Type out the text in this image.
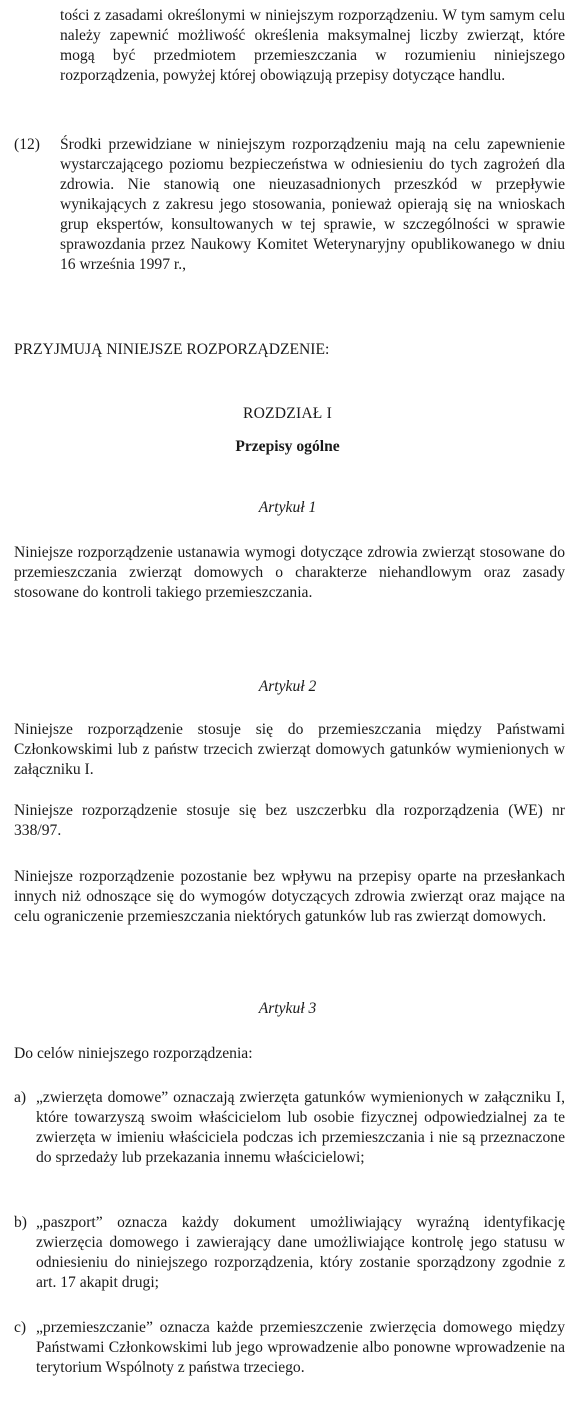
tości z zasadami określonymi w niniejszym rozporządzeniu. W tym samym celu należy zapewnić możliwość określenia maksymalnej liczby zwierząt, które mogą być przedmiotem przemieszczania w rozumieniu niniejszego rozporządzenia, powyżej której obowiązują przepisy dotyczące handlu.
(12) Środki przewidziane w niniejszym rozporządzeniu mają na celu zapewnienie wystarczającego poziomu bezpieczeństwa w odniesieniu do tych zagrożeń dla zdrowia. Nie stanowią one nieuzasadnionych przeszkód w przepływie wynikających z zakresu jego stosowania, ponieważ opierają się na wnioskach grup ekspertów, konsultowanych w tej sprawie, w szczególności w sprawie sprawozdania przez Naukowy Komitet Weterynaryjny opublikowanego w dniu 16 września 1997 r.,
PRZYJMUJĄ NINIEJSZE ROZPORZĄDZENIE:
ROZDZIAŁ I
Przepisy ogólne
Artykuł 1
Niniejsze rozporządzenie ustanawia wymogi dotyczące zdrowia zwierząt stosowane do przemieszczania zwierząt domowych o charakterze niehandlowym oraz zasady stosowane do kontroli takiego przemieszczania.
Artykuł 2
Niniejsze rozporządzenie stosuje się do przemieszczania między Państwami Członkowskimi lub z państw trzecich zwierząt domowych gatunków wymienionych w załączniku I.
Niniejsze rozporządzenie stosuje się bez uszczerbku dla rozporządzenia (WE) nr 338/97.
Niniejsze rozporządzenie pozostanie bez wpływu na przepisy oparte na przesłankach innych niż odnoszące się do wymogów dotyczących zdrowia zwierząt oraz mające na celu ograniczenie przemieszczania niektórych gatunków lub ras zwierząt domowych.
Artykuł 3
Do celów niniejszego rozporządzenia:
a) „zwierzęta domowe” oznaczają zwierzęta gatunków wymienionych w załączniku I, które towarzyszą swoim właścicielom lub osobie fizycznej odpowiedzialnej za te zwierzęta w imieniu właściciela podczas ich przemieszczania i nie są przeznaczone do sprzedaży lub przekazania innemu właścicielowi;
b) „paszport” oznacza każdy dokument umożliwiający wyraźną identyfikację zwierzęcia domowego i zawierający dane umożliwiające kontrolę jego statusu w odniesieniu do niniejszego rozporządzenia, który zostanie sporządzony zgodnie z art. 17 akapit drugi;
c) „przemieszczanie” oznacza każde przemieszczenie zwierzęcia domowego między Państwami Członkowskimi lub jego wprowadzenie albo ponowne wprowadzenie na terytorium Wspólnoty z państwa trzeciego.
